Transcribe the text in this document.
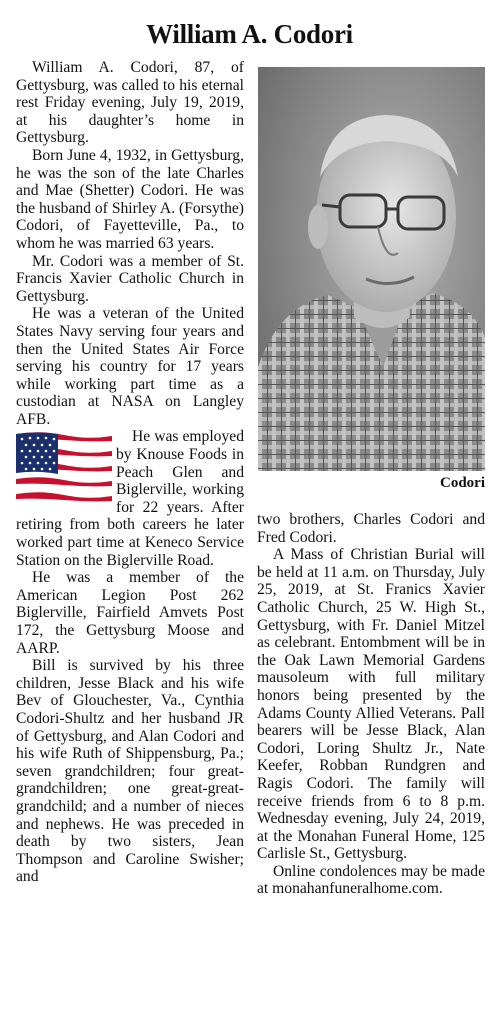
William A. Codori

William A. Codori, 87, of Gettysburg, was called to his eternal rest Friday evening, July 19, 2019, at his daughter’s home in Gettysburg.

Born June 4, 1932, in Gettysburg, he was the son of the late Charles and Mae (Shetter) Codori. He was the husband of Shirley A. (Forsythe) Codori, of Fayetteville, Pa., to whom he was married 63 years.

Mr. Codori was a member of St. Francis Xavier Catholic Church in Gettysburg.

He was a veteran of the United States Navy serving four years and then the United States Air Force serving his country for 17 years while working part time as a custodian at NASA on Langley AFB.

He was employed by Knouse Foods in Peach Glen and Biglerville, working for 22 years. After retiring from both careers he later worked part time at Keneco Service Station on the Biglerville Road.

He was a member of the American Legion Post 262 Biglerville, Fairfield Amvets Post 172, the Gettysburg Moose and AARP.

Bill is survived by his three children, Jesse Black and his wife Bev of Glouchester, Va., Cynthia Codori-Shultz and her husband JR of Gettysburg, and Alan Codori and his wife Ruth of Shippensburg, Pa.; seven grandchildren; four great-grandchildren; one great-great-grandchild; and a number of nieces and nephews. He was preceded in death by two sisters, Jean Thompson and Caroline Swisher; and

Codori

two brothers, Charles Codori and Fred Codori.

A Mass of Christian Burial will be held at 11 a.m. on Thursday, July 25, 2019, at St. Franics Xavier Catholic Church, 25 W. High St., Gettysburg, with Fr. Daniel Mitzel as celebrant. Entombment will be in the Oak Lawn Memorial Gardens mausoleum with full military honors being presented by the Adams County Allied Veterans. Pall bearers will be Jesse Black, Alan Codori, Loring Shultz Jr., Nate Keefer, Robban Rundgren and Ragis Codori. The family will receive friends from 6 to 8 p.m. Wednesday evening, July 24, 2019, at the Monahan Funeral Home, 125 Carlisle St., Gettysburg.

Online condolences may be made at monahanfuneralhome.com.
